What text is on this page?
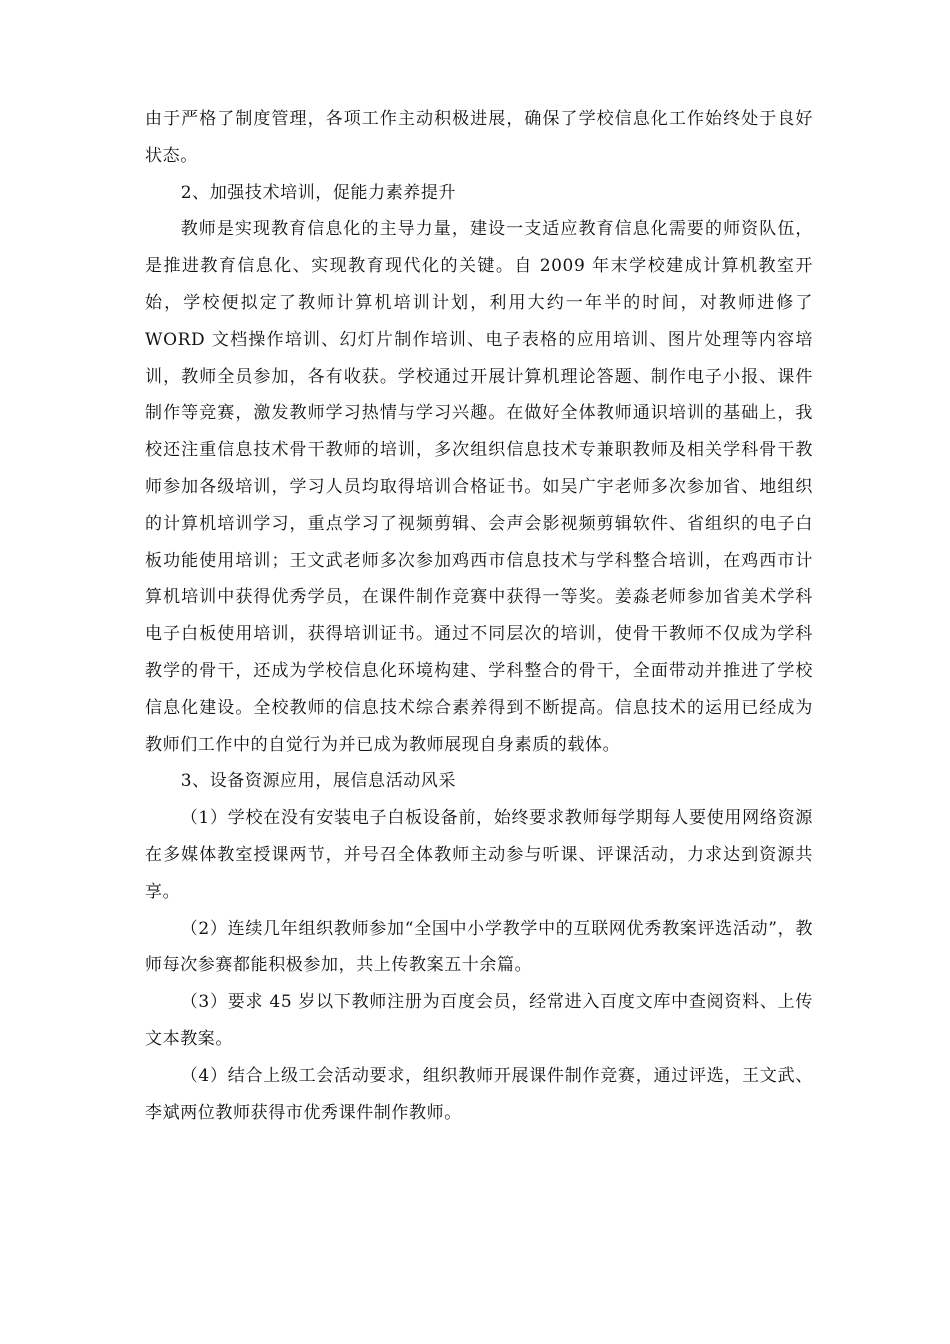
由于严格了制度管理，各项工作主动积极进展，确保了学校信息化工作始终处于良好状态。

2、加强技术培训，促能力素养提升

教师是实现教育信息化的主导力量，建设一支适应教育信息化需要的师资队伍，是推进教育信息化、实现教育现代化的关键。自 2009 年末学校建成计算机教室开始，学校便拟定了教师计算机培训计划，利用大约一年半的时间，对教师进修了 WORD 文档操作培训、幻灯片制作培训、电子表格的应用培训、图片处理等内容培训，教师全员参加，各有收获。学校通过开展计算机理论答题、制作电子小报、课件制作等竞赛，激发教师学习热情与学习兴趣。在做好全体教师通识培训的基础上，我校还注重信息技术骨干教师的培训，多次组织信息技术专兼职教师及相关学科骨干教师参加各级培训，学习人员均取得培训合格证书。如吴广宇老师多次参加省、地组织的计算机培训学习，重点学习了视频剪辑、会声会影视频剪辑软件、省组织的电子白板功能使用培训；王文武老师多次参加鸡西市信息技术与学科整合培训，在鸡西市计算机培训中获得优秀学员，在课件制作竞赛中获得一等奖。姜淼老师参加省美术学科电子白板使用培训，获得培训证书。通过不同层次的培训，使骨干教师不仅成为学科教学的骨干，还成为学校信息化环境构建、学科整合的骨干，全面带动并推进了学校信息化建设。全校教师的信息技术综合素养得到不断提高。信息技术的运用已经成为教师们工作中的自觉行为并已成为教师展现自身素质的载体。

3、设备资源应用，展信息活动风采

（1）学校在没有安装电子白板设备前，始终要求教师每学期每人要使用网络资源在多媒体教室授课两节，并号召全体教师主动参与听课、评课活动，力求达到资源共享。

（2）连续几年组织教师参加“全国中小学教学中的互联网优秀教案评选活动”，教师每次参赛都能积极参加，共上传教案五十余篇。

（3）要求 45 岁以下教师注册为百度会员，经常进入百度文库中查阅资料、上传文本教案。

（4）结合上级工会活动要求，组织教师开展课件制作竞赛，通过评选，王文武、李斌两位教师获得市优秀课件制作教师。
